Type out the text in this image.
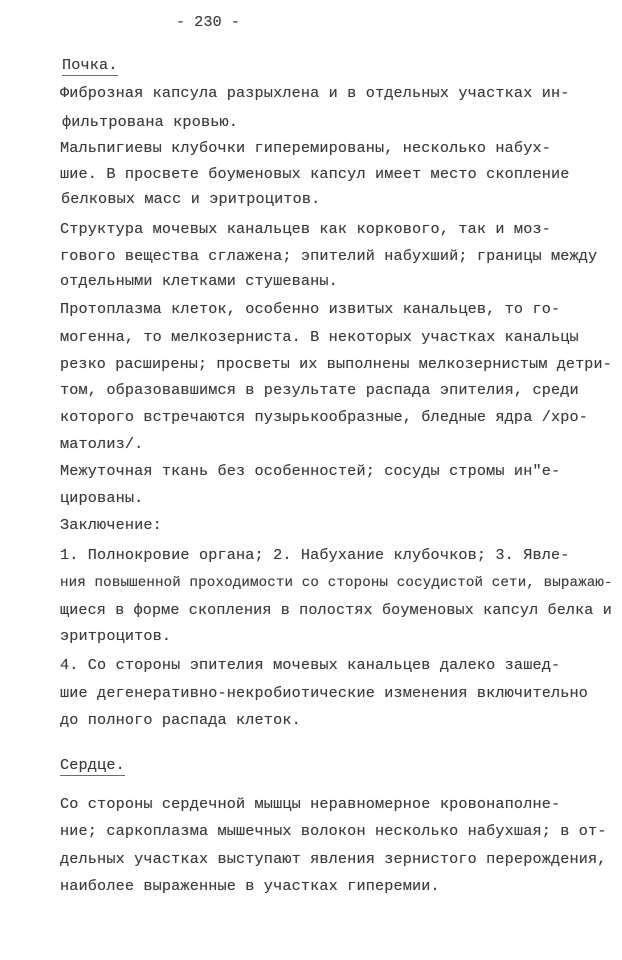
- 230 -
Почка.
Фиброзная капсула разрыхлена и в отдельных участках ин-
фильтрована кровью.
Мальпигиевы клубочки гиперемированы, несколько набух-
шие. В просвете боуменовых капсул имеет место скопление
белковых масс и эритроцитов.
Структура мочевых канальцев как коркового, так и моз-
гового вещества сглажена; эпителий набухший; границы между
отдельными клетками стушеваны.
Протоплазма клеток, особенно извитых канальцев, то го-
могенна, то мелкозерниста. В некоторых участках канальцы
резко расширены; просветы их выполнены мелкозернистым детри-
том, образовавшимся в результате распада эпителия, среди
которого встречаются пузырькообразные, бледные ядра /хро-
матолиз/.
Межуточная ткань без особенностей; сосуды стромы ин"е-
цированы.
Заключение:
1. Полнокровие органа; 2. Набухание клубочков; 3. Явле-
ния повышенной проходимости со стороны сосудистой сети, выражаю-
щиеся в форме скопления в полостях боуменовых капсул белка и
эритроцитов.
4. Со стороны эпителия мочевых канальцев далеко зашед-
шие дегенеративно-некробиотические изменения включительно
до полного распада клеток.
Сердце.
Со стороны сердечной мышцы неравномерное кровонаполне-
ние; саркоплазма мышечных волокон несколько набухшая; в от-
дельных участках выступают явления зернистого перерождения,
наиболее выраженные в участках гиперемии.
